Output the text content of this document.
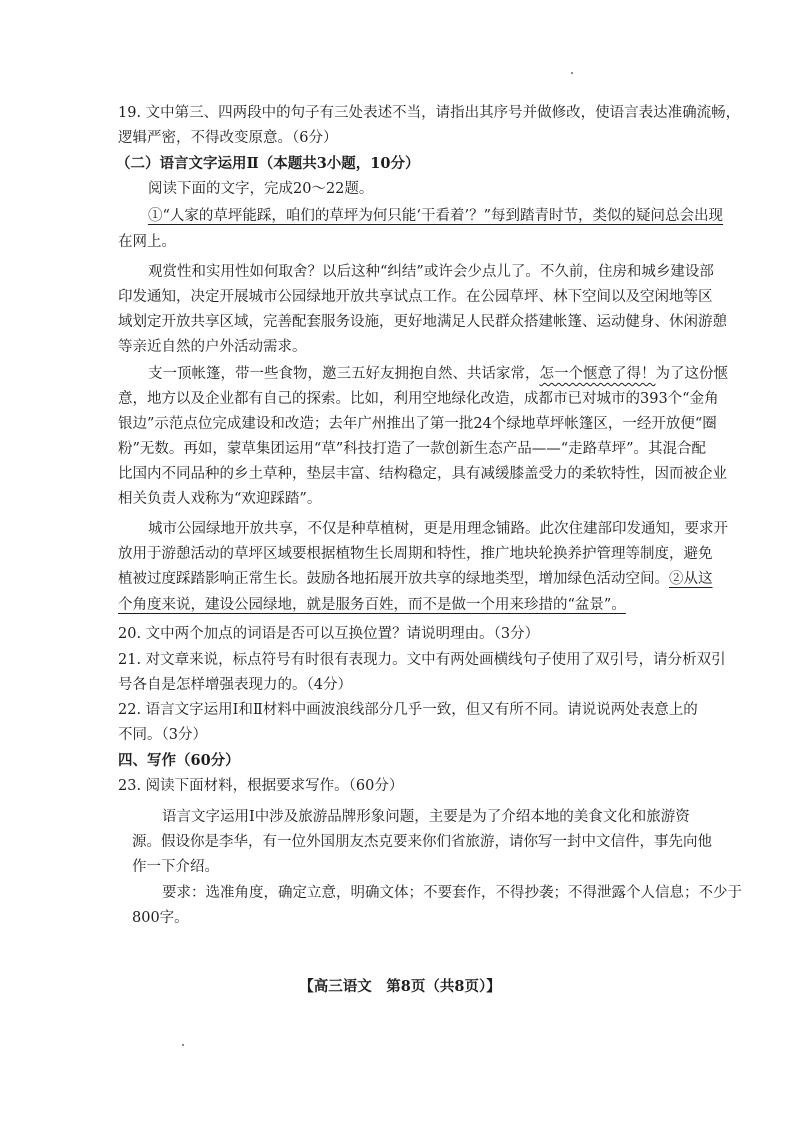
19. 文中第三、四两段中的句子有三处表述不当，请指出其序号并做修改，使语言表达准确流畅，
逻辑严密，不得改变原意。（6分）
（二）语言文字运用Ⅱ（本题共3小题，10分）
阅读下面的文字，完成20～22题。
①“人家的草坪能踩，咱们的草坪为何只能‘干看着’？”每到踏青时节，类似的疑问总会出现
在网上。
观赏性和实用性如何取舍？以后这种“纠结”或许会少点儿了。不久前，住房和城乡建设部
印发通知，决定开展城市公园绿地开放共享试点工作。在公园草坪、林下空间以及空闲地等区
域划定开放共享区域，完善配套服务设施，更好地满足人民群众搭建帐篷、运动健身、休闲游憩
等亲近自然的户外活动需求。
支一顶帐篷，带一些食物，邀三五好友拥抱自然、共话家常，怎一个惬意了得！为了这份惬
意，地方以及企业都有自己的探索。比如，利用空地绿化改造，成都市已对城市的393个“金角
银边”示范点位完成建设和改造；去年广州推出了第一批24个绿地草坪帐篷区，一经开放便“圈
粉”无数。再如，蒙草集团运用“草”科技打造了一款创新生态产品——“走路草坪”。其混合配
比国内不同品种的乡土草种，垫层丰富、结构稳定，具有减缓膝盖受力的柔软特性，因而被企业
相关负责人戏称为“欢迎踩踏”。
城市公园绿地开放共享，不仅是种草植树，更是用理念铺路。此次住建部印发通知，要求开
放用于游憩活动的草坪区域要根据植物生长周期和特性，推广地块轮换养护管理等制度，避免
植被过度踩踏影响正常生长。鼓励各地拓展开放共享的绿地类型，增加绿色活动空间。②从这
个角度来说，建设公园绿地，就是服务百姓，而不是做一个用来珍措的“盆景”。
20. 文中两个加点的词语是否可以互换位置？请说明理由。（3分）
21. 对文章来说，标点符号有时很有表现力。文中有两处画横线句子使用了双引号，请分析双引
号各自是怎样增强表现力的。（4分）
22. 语言文字运用Ⅰ和Ⅱ材料中画波浪线部分几乎一致，但又有所不同。请说说两处表意上的
不同。（3分）
四、写作（60分）
23. 阅读下面材料，根据要求写作。（60分）
语言文字运用Ⅰ中涉及旅游品牌形象问题，主要是为了介绍本地的美食文化和旅游资
源。假设你是李华，有一位外国朋友杰克要来你们省旅游，请你写一封中文信件，事先向他
作一下介绍。
要求：选准角度，确定立意，明确文体；不要套作，不得抄袭；不得泄露个人信息；不少于
800字。
【高三语文　第8页（共8页）】
